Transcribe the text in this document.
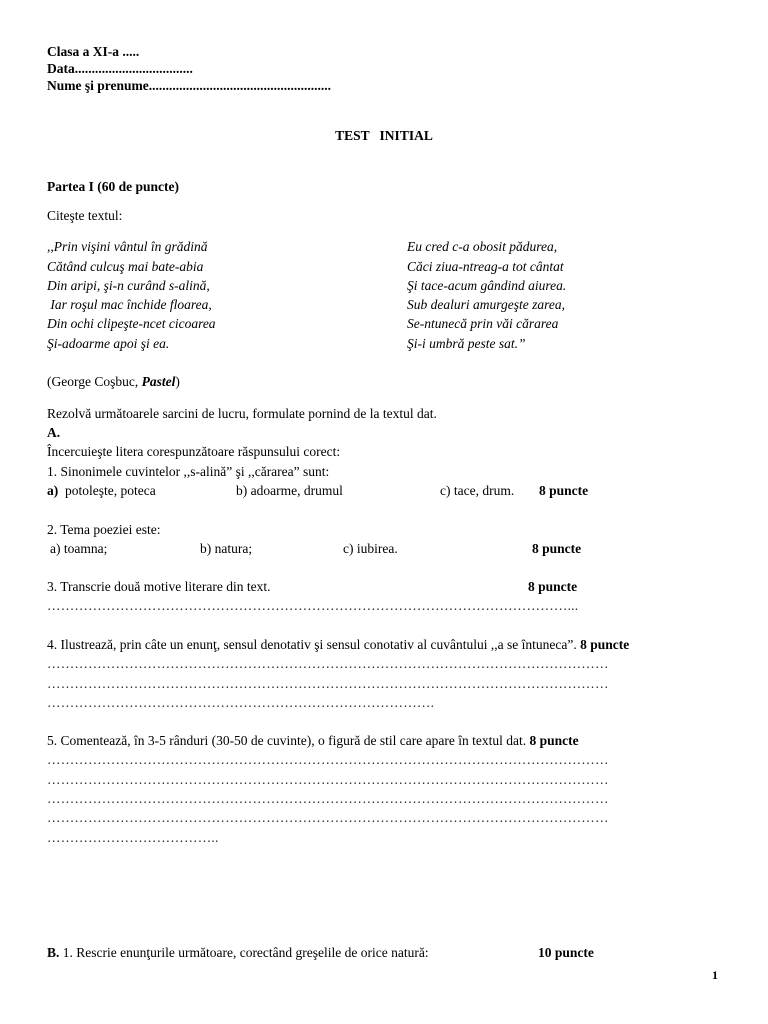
Clasa a XI-a .....
Data...................................
Nume şi prenume......................................................
TEST   INITIAL
Partea I (60 de puncte)
Citeşte textul:
,,Prin vişini vântul în grădină
Cătând culcuş mai bate-abia
Din aripi, şi-n curând s-alină,
Iar roşul mac închide floarea,
Din ochi clipeşte-ncet cicoarea
Şi-adoarme apoi şi ea.
Eu cred c-a obosit pădurea,
Căci ziua-ntreag-a tot cântat
Şi tace-acum gândind aiurea.
Sub dealuri amurgeşte zarea,
Se-ntunecă prin văi cărarea
Şi-i umbră peste sat.”
(George Coşbuc, Pastel)
Rezolvă următoarele sarcini de lucru, formulate pornind de la textul dat.
A.
Încercuieşte litera corespunzătoare răspunsului corect:
1. Sinonimele cuvintelor ,,s-alină” şi ,,cărarea” sunt:
a)  potoleşte, poteca	b) adoarme, drumul	c) tace, drum. 8 puncte
2. Tema poeziei este:
a) toamna;	b) natura;	c) iubirea.	8 puncte
3. Transcrie două motive literare din text.	8 puncte
……………………………………………………………………………………………………...
4. Ilustrează, prin câte un enunţ, sensul denotativ şi sensul conotativ al cuvântului ,,a se întuneca”. 8 puncte
……………………………………………………………………………………………………………
……………………………………………………………………………………………………………
………………………………………………………………………….
5. Comentează, în 3-5 rânduri (30-50 de cuvinte), o figură de stil care apare în textul dat. 8 puncte
……………………………………………………………………………………………………………
……………………………………………………………………………………………………………
……………………………………………………………………………………………………………
……………………………………………………………………………………………………………
………………………………..
B. 1. Rescrie enunţurile următoare, corectând greşelile de orice natură:	10 puncte
1
